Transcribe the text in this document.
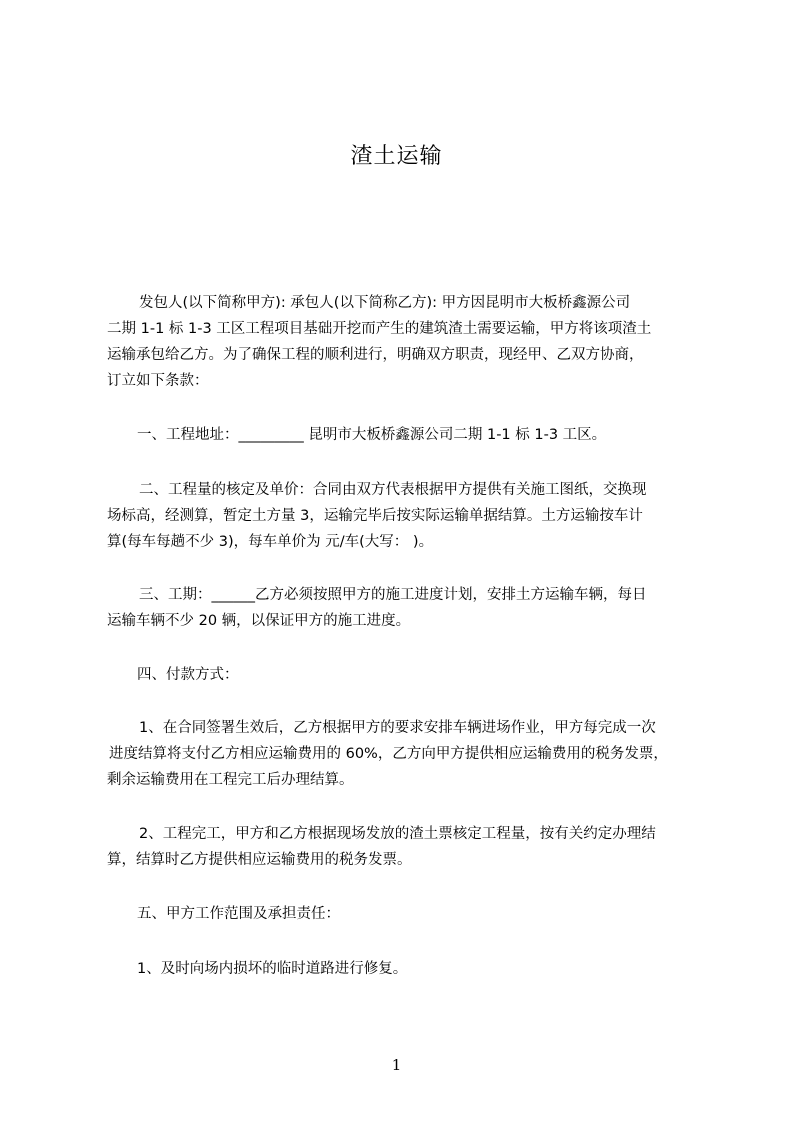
渣土运输
发包人(以下简称甲方): 承包人(以下简称乙方): 甲方因昆明市大板桥鑫源公司
二期 1-1 标 1-3 工区工程项目基础开挖而产生的建筑渣土需要运输，甲方将该项渣土
运输承包给乙方。为了确保工程的顺利进行，明确双方职责，现经甲、乙双方协商，
订立如下条款：
一、工程地址：_________ 昆明市大板桥鑫源公司二期 1-1 标 1-3 工区。
二、工程量的核定及单价：合同由双方代表根据甲方提供有关施工图纸，交换现
场标高，经测算，暂定土方量 3，运输完毕后按实际运输单据结算。土方运输按车计
算(每车每趟不少 3)，每车单价为 元/车(大写： )。
三、工期：______乙方必须按照甲方的施工进度计划，安排土方运输车辆，每日
运输车辆不少 20 辆，以保证甲方的施工进度。
四、付款方式：
1、在合同签署生效后，乙方根据甲方的要求安排车辆进场作业，甲方每完成一次
进度结算将支付乙方相应运输费用的 60%，乙方向甲方提供相应运输费用的税务发票，
剩余运输费用在工程完工后办理结算。
2、工程完工，甲方和乙方根据现场发放的渣土票核定工程量，按有关约定办理结
算，结算时乙方提供相应运输费用的税务发票。
五、甲方工作范围及承担责任：
1、及时向场内损坏的临时道路进行修复。
1
